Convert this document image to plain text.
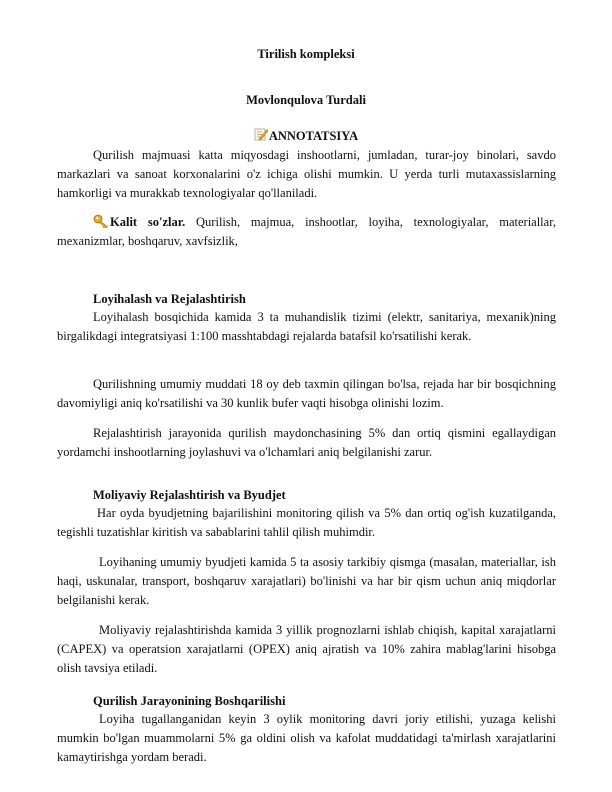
Tirilish kompleksi
Movlonqulova Turdali
ANNOTATSIYA

Qurilish majmuasi katta miqyosdagi inshootlarni, jumladan, turar-joy binolari, savdo markazlari va sanoat korxonalarini o'z ichiga olishi mumkin. U yerda turli mutaxassislarning hamkorligi va murakkab texnologiyalar qo'llaniladi.

Kalit so'zlar. Qurilish, majmua, inshootlar, loyiha, texnologiyalar, materiallar, mexanizmlar, boshqaruv, xavfsizlik,

Loyihalash va Rejalashtirish

Loyihalash bosqichida kamida 3 ta muhandislik tizimi (elektr, sanitariya, mexanik)ning birgalikdagi integratsiyasi 1:100 masshtabdagi rejalarda batafsil ko'rsatilishi kerak.

Qurilishning umumiy muddati 18 oy deb taxmin qilingan bo'lsa, rejada har bir bosqichning davomiyligi aniq ko'rsatilishi va 30 kunlik bufer vaqti hisobga olinishi lozim.

Rejalashtirish jarayonida qurilish maydonchasining 5% dan ortiq qismini egallaydigan yordamchi inshootlarning joylashuvi va o'lchamlari aniq belgilanishi zarur.

Moliyaviy Rejalashtirish va Byudjet

Har oyda byudjetning bajarilishini monitoring qilish va 5% dan ortiq og'ish kuzatilganda, tegishli tuzatishlar kiritish va sabablarini tahlil qilish muhimdir.

Loyihaning umumiy byudjeti kamida 5 ta asosiy tarkibiy qismga (masalan, materiallar, ish haqi, uskunalar, transport, boshqaruv xarajatlari) bo'linishi va har bir qism uchun aniq miqdorlar belgilanishi kerak.

Moliyaviy rejalashtirishda kamida 3 yillik prognozlarni ishlab chiqish, kapital xarajatlarni (CAPEX) va operatsion xarajatlarni (OPEX) aniq ajratish va 10% zahira mablag'larini hisobga olish tavsiya etiladi.

Qurilish Jarayonining Boshqarilishi

Loyiha tugallanganidan keyin 3 oylik monitoring davri joriy etilishi, yuzaga kelishi mumkin bo'lgan muammolarni 5% ga oldini olish va kafolat muddatidagi ta'mirlash xarajatlarini kamaytirishga yordam beradi.
